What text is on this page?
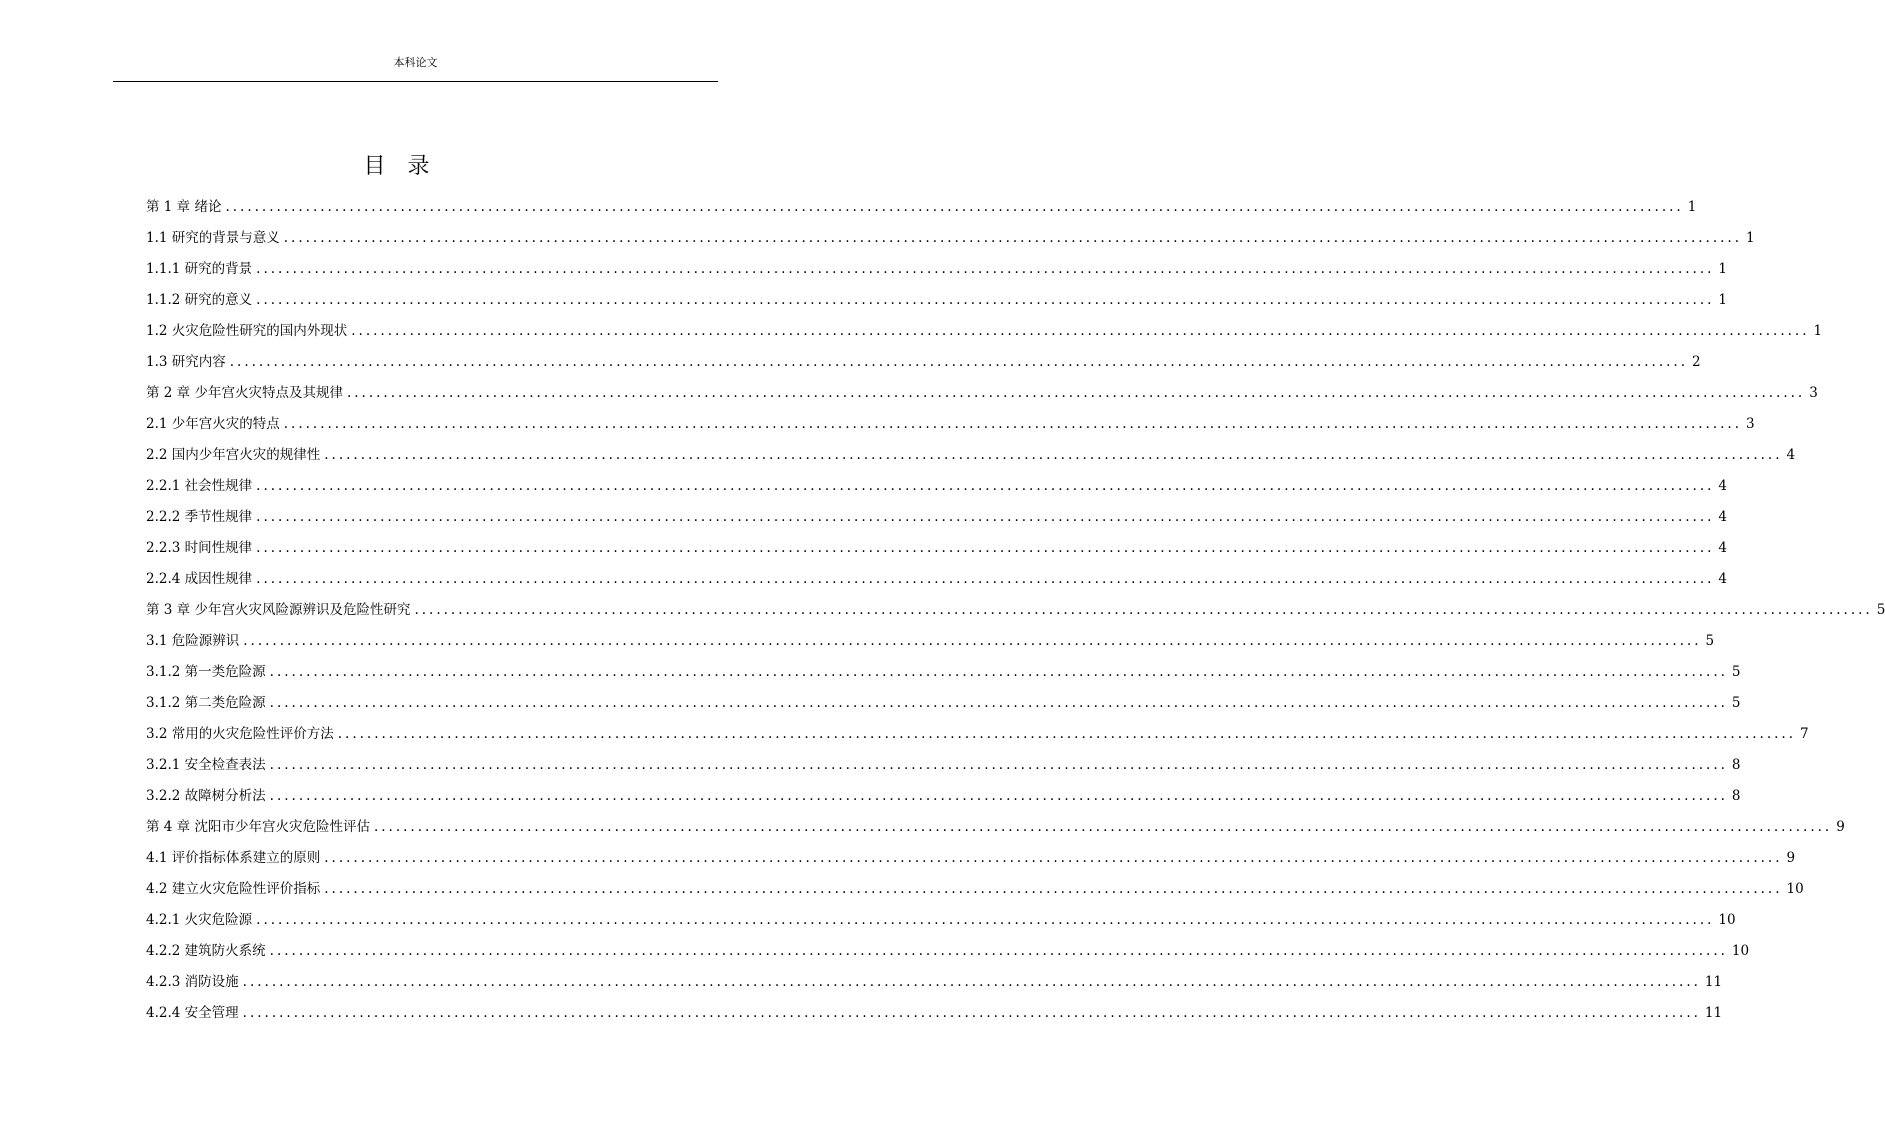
本科论文
目录
第 1 章 绪论 ........................................................................................................................................................................................................ 1
1.1 研究的背景与意义 ........................................................................................................................................................................................................ 1
1.1.1 研究的背景 ........................................................................................................................................................................................................ 1
1.1.2 研究的意义 ........................................................................................................................................................................................................ 1
1.2 火灾危险性研究的国内外现状 ........................................................................................................................................................................................................ 1
1.3 研究内容 ........................................................................................................................................................................................................ 2
第 2 章 少年宫火灾特点及其规律 ........................................................................................................................................................................................................ 3
2.1 少年宫火灾的特点 ........................................................................................................................................................................................................ 3
2.2 国内少年宫火灾的规律性 ........................................................................................................................................................................................................ 4
2.2.1 社会性规律 ........................................................................................................................................................................................................ 4
2.2.2 季节性规律 ........................................................................................................................................................................................................ 4
2.2.3 时间性规律 ........................................................................................................................................................................................................ 4
2.2.4 成因性规律 ........................................................................................................................................................................................................ 4
第 3 章 少年宫火灾风险源辨识及危险性研究 ........................................................................................................................................................................................................ 5
3.1 危险源辨识 ........................................................................................................................................................................................................ 5
3.1.2 第一类危险源 ........................................................................................................................................................................................................ 5
3.1.2 第二类危险源 ........................................................................................................................................................................................................ 5
3.2 常用的火灾危险性评价方法 ........................................................................................................................................................................................................ 7
3.2.1 安全检查表法 ........................................................................................................................................................................................................ 8
3.2.2 故障树分析法 ........................................................................................................................................................................................................ 8
第 4 章 沈阳市少年宫火灾危险性评估 ........................................................................................................................................................................................................ 9
4.1 评价指标体系建立的原则 ........................................................................................................................................................................................................ 9
4.2 建立火灾危险性评价指标 ........................................................................................................................................................................................................ 10
4.2.1 火灾危险源 ........................................................................................................................................................................................................ 10
4.2.2 建筑防火系统 ........................................................................................................................................................................................................ 10
4.2.3 消防设施 ........................................................................................................................................................................................................ 11
4.2.4 安全管理 ........................................................................................................................................................................................................ 11
